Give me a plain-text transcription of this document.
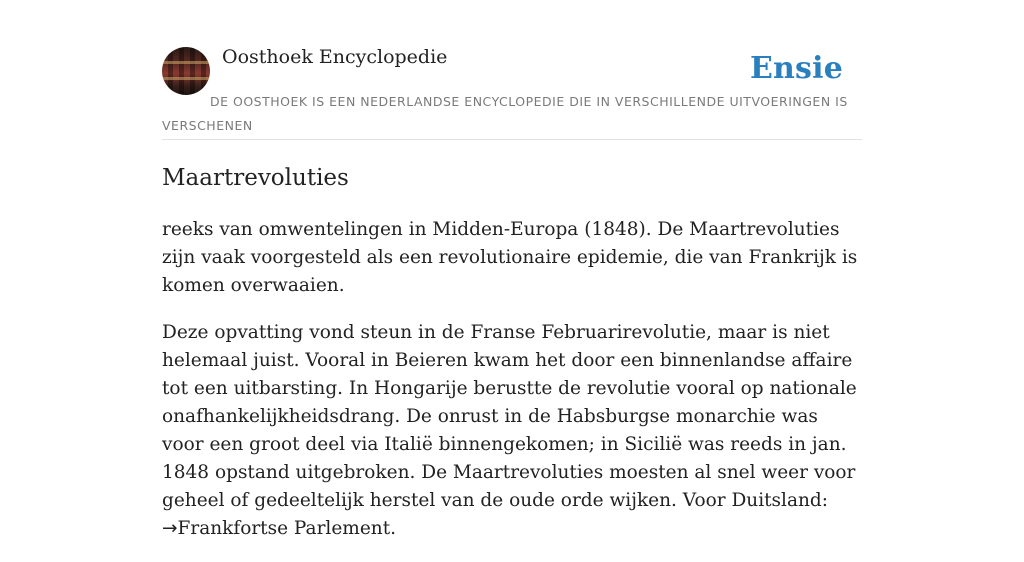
Oosthoek Encyclopedie	Ensie
DE OOSTHOEK IS EEN NEDERLANDSE ENCYCLOPEDIE DIE IN VERSCHILLENDE UITVOERINGEN IS VERSCHENEN
Maartrevoluties

reeks van omwentelingen in Midden-Europa (1848). De Maartrevoluties zijn vaak voorgesteld als een revolutionaire epidemie, die van Frankrijk is komen overwaaien.

Deze opvatting vond steun in de Franse Februarirevolutie, maar is niet helemaal juist. Vooral in Beieren kwam het door een binnenlandse affaire tot een uitbarsting. In Hongarije berustte de revolutie vooral op nationale onafhankelijkheidsdrang. De onrust in de Habsburgse monarchie was voor een groot deel via Italië binnengekomen; in Sicilië was reeds in jan. 1848 opstand uitgebroken. De Maartrevoluties moesten al snel weer voor geheel of gedeeltelijk herstel van de oude orde wijken. Voor Duitsland: →Frankfortse Parlement.
